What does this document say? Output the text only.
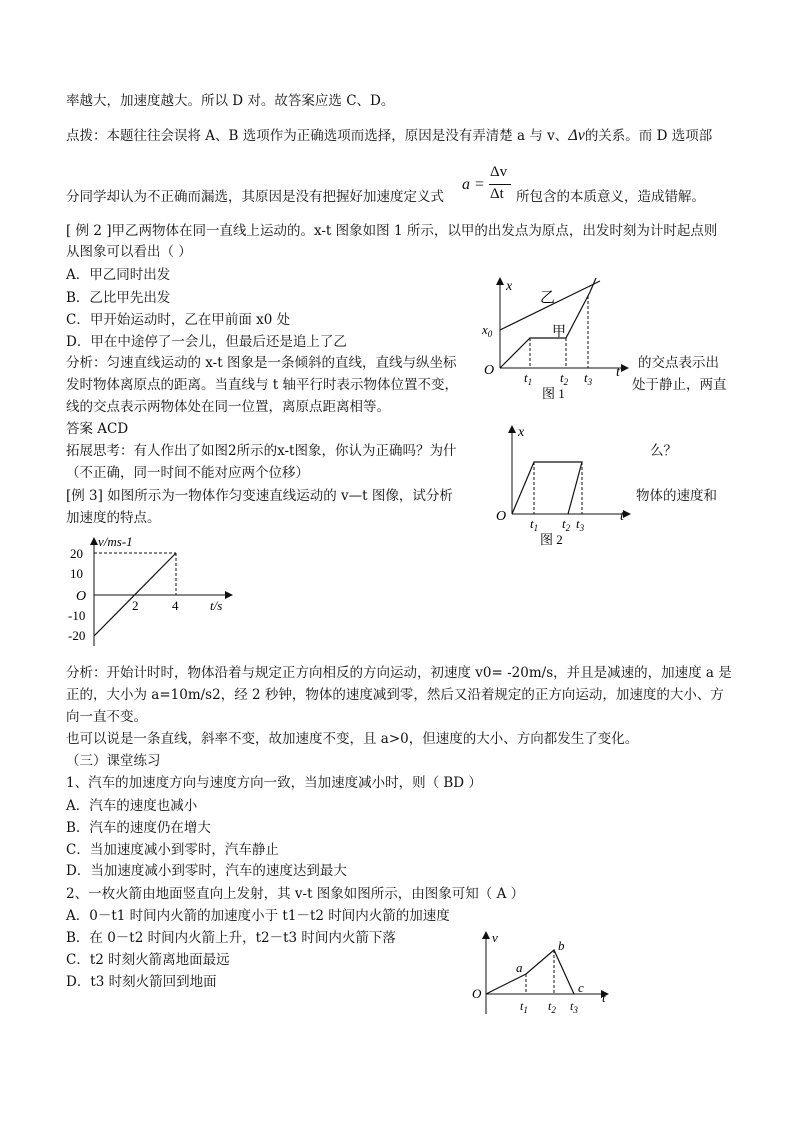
率越大，加速度越大。所以 D 对。故答案应选 C、D。
点拨：本题往往会误将 A、B 选项作为正确选项而选择，原因是没有弄清楚 a 与 v、Δv的关系。而 D 选项部
a =
Δv
Δt
分同学却认为不正确而漏选，其原因是没有把握好加速度定义式	所包含的本质意义，造成错解。
[ 例 2 ]甲乙两物体在同一直线上运动的。x-t 图象如图 1 所示，以甲的出发点为原点，出发时刻为计时起点则
从图象可以看出（ ）
A．甲乙同时出发
B．乙比甲先出发
C．甲开始运动时，乙在甲前面 x0 处
D．甲在中途停了一会儿，但最后还是追上了乙
分析：匀速直线运动的 x-t 图象是一条倾斜的直线，直线与纵坐标	的交点表示出
发时物体离原点的距离。当直线与 t 轴平行时表示物体位置不变，	处于静止，两直
线的交点表示两物体处在同一位置，离原点距离相等。
答案 ACD
拓展思考：有人作出了如图2所示的x-t图象，你认为正确吗？为什	么？
（不正确，同一时间不能对应两个位移）
[例 3] 如图所示为一物体作匀变速直线运动的 v—t 图像，试分析	物体的速度和
加速度的特点。
分析：开始计时时，物体沿着与规定正方向相反的方向运动，初速度 v0= -20m/s，并且是减速的，加速度 a 是
正的，大小为 a=10m/s2，经 2 秒钟，物体的速度减到零，然后又沿着规定的正方向运动，加速度的大小、方
向一直不变。
也可以说是一条直线，斜率不变，故加速度不变，且 a>0，但速度的大小、方向都发生了变化。
（三）课堂练习
1、汽车的加速度方向与速度方向一致，当加速度减小时，则（ BD ）
A．汽车的速度也减小
B．汽车的速度仍在增大
C．当加速度减小到零时，汽车静止
D．当加速度减小到零时，汽车的速度达到最大
2、一枚火箭由地面竖直向上发射，其 v-t 图象如图所示，由图象可知（ A ）
A．0－t1 时间内火箭的加速度小于 t1－t2 时间内火箭的加速度
B．在 0－t2 时间内火箭上升，t2－t3 时间内火箭下落
C．t2 时刻火箭离地面最远
D．t3 时刻火箭回到地面
x
$x_0$
乙
甲
O $t_1$ $t_2$ $t_3$
t
图 1
x
O $t_1$ $t_2$ $t_3$
t
图 2
v/ms-1
20
10
O
-10
-20
2	4 t/s
v
O
a
b
c
$t_1$ $t_2$ $t_3$
t
